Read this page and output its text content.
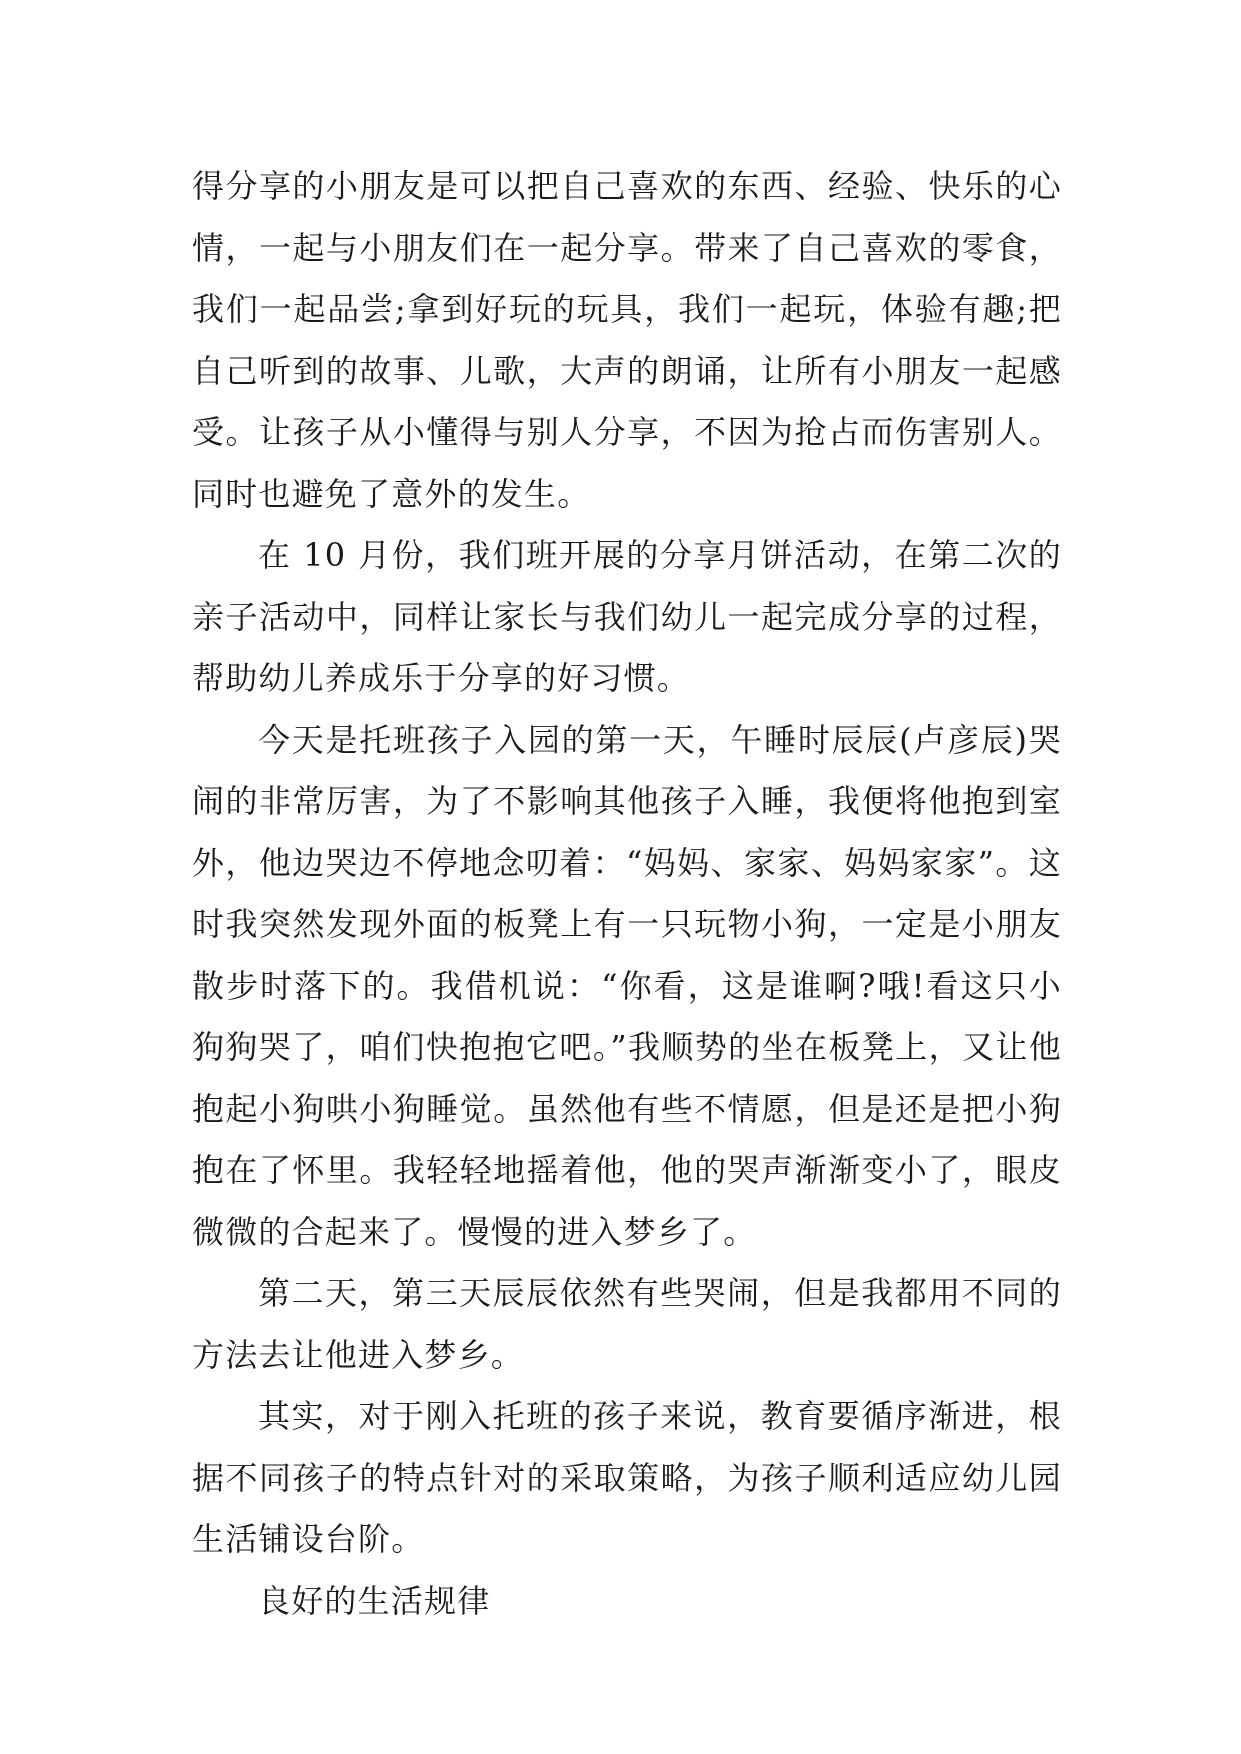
得分享的小朋友是可以把自己喜欢的东西、经验、快乐的心情，一起与小朋友们在一起分享。带来了自己喜欢的零食，我们一起品尝;拿到好玩的玩具，我们一起玩，体验有趣;把自己听到的故事、儿歌，大声的朗诵，让所有小朋友一起感受。让孩子从小懂得与别人分享，不因为抢占而伤害别人。同时也避免了意外的发生。

在 10 月份，我们班开展的分享月饼活动，在第二次的亲子活动中，同样让家长与我们幼儿一起完成分享的过程，帮助幼儿养成乐于分享的好习惯。

今天是托班孩子入园的第一天，午睡时辰辰(卢彦辰)哭闹的非常厉害，为了不影响其他孩子入睡，我便将他抱到室外，他边哭边不停地念叨着：“妈妈、家家、妈妈家家”。这时我突然发现外面的板凳上有一只玩物小狗，一定是小朋友散步时落下的。我借机说：“你看，这是谁啊?哦!看这只小狗狗哭了，咱们快抱抱它吧。”我顺势的坐在板凳上，又让他抱起小狗哄小狗睡觉。虽然他有些不情愿，但是还是把小狗抱在了怀里。我轻轻地摇着他，他的哭声渐渐变小了，眼皮微微的合起来了。慢慢的进入梦乡了。

第二天，第三天辰辰依然有些哭闹，但是我都用不同的方法去让他进入梦乡。

其实，对于刚入托班的孩子来说，教育要循序渐进，根据不同孩子的特点针对的采取策略，为孩子顺利适应幼儿园生活铺设台阶。

良好的生活规律
